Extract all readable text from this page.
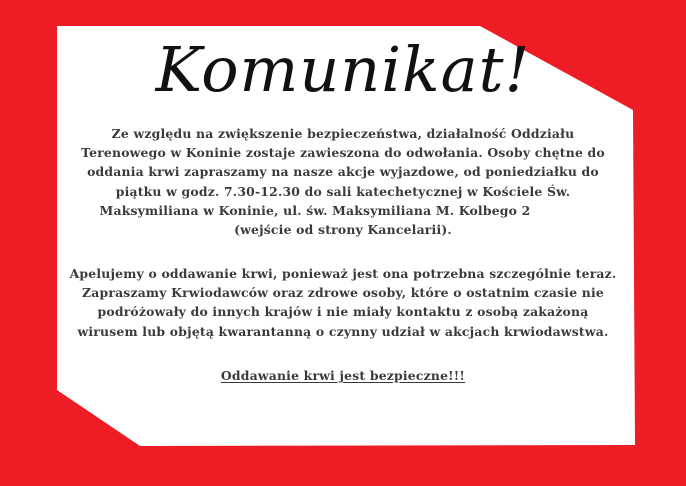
Komunikat!
Ze względu na zwiększenie bezpieczeństwa, działalność Oddziału
Terenowego w Koninie zostaje zawieszona do odwołania. Osoby chętne do
oddania krwi zapraszamy na nasze akcje wyjazdowe, od poniedziałku do
piątku w godz. 7.30-12.30 do sali katechetycznej w Kościele Św.
Maksymiliana w Koninie, ul. św. Maksymiliana M. Kolbego 2
(wejście od strony Kancelarii).
Apelujemy o oddawanie krwi, ponieważ jest ona potrzebna szczególnie teraz.
Zapraszamy Krwiodawców oraz zdrowe osoby, które o ostatnim czasie nie
podróżowały do innych krajów i nie miały kontaktu z osobą zakażoną
wirusem lub objętą kwarantanną o czynny udział w akcjach krwiodawstwa.
Oddawanie krwi jest bezpieczne!!!
